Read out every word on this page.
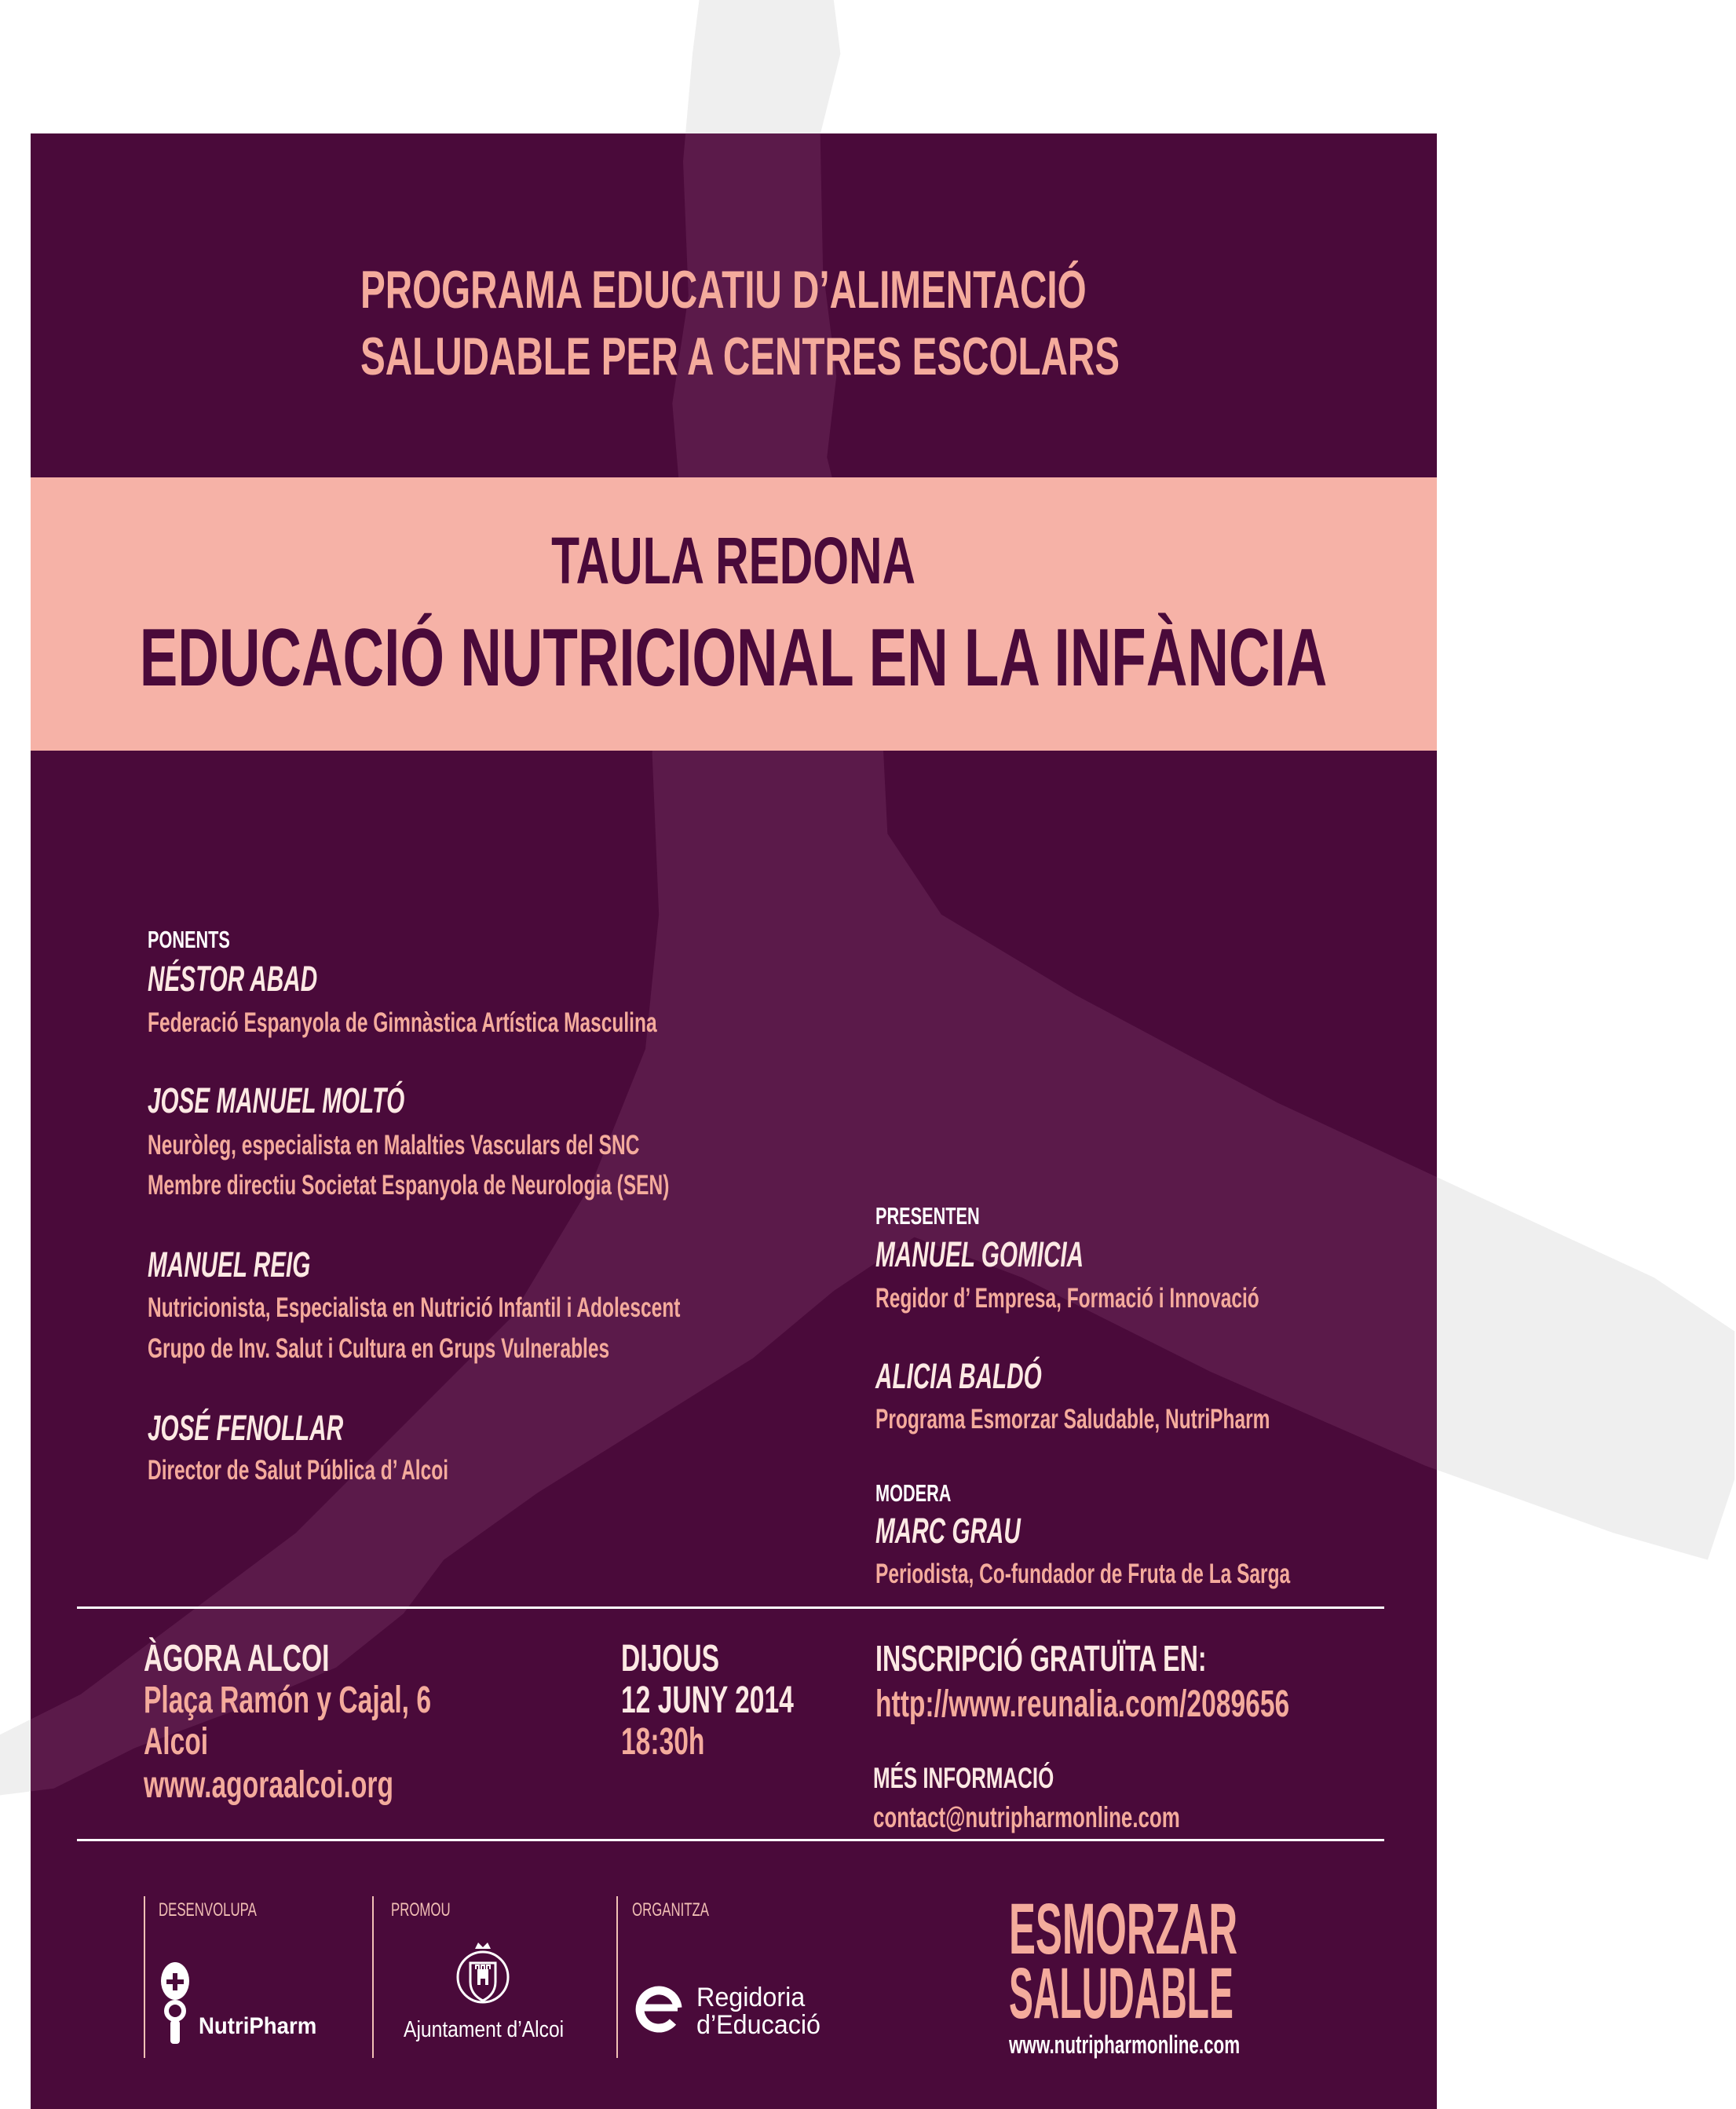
PROGRAMA EDUCATIU D’ALIMENTACIÓ
SALUDABLE PER A CENTRES ESCOLARS
TAULA REDONA
EDUCACIÓ NUTRICIONAL EN LA INFÀNCIA
PONENTS
NÉSTOR ABAD
Federació Espanyola de Gimnàstica Artística Masculina
JOSE MANUEL MOLTÓ
Neuròleg, especialista en Malalties Vasculars del SNC
Membre directiu Societat Espanyola de Neurologia (SEN)
MANUEL REIG
Nutricionista, Especialista en Nutrició Infantil i Adolescent
Grupo de Inv. Salut i Cultura en Grups Vulnerables
JOSÉ FENOLLAR
Director de Salut Pública d’ Alcoi
PRESENTEN
MANUEL GOMICIA
Regidor d’ Empresa, Formació i Innovació
ALICIA BALDÓ
Programa Esmorzar Saludable, NutriPharm
MODERA
MARC GRAU
Periodista, Co-fundador de Fruta de La Sarga
ÀGORA ALCOI
Plaça Ramón y Cajal, 6
Alcoi
www.agoraalcoi.org
DIJOUS
12 JUNY 2014
18:30h
INSCRIPCIÓ GRATUÏTA EN:
http://www.reunalia.com/2089656
MÉS INFORMACIÓ
contact@nutripharmonline.com
DESENVOLUPA	PROMOU	ORGANITZA
NutriPharm	Ajuntament d’Alcoi
Regidoria
d’Educació
ESMORZAR
SALUDABLE
www.nutripharmonline.com
